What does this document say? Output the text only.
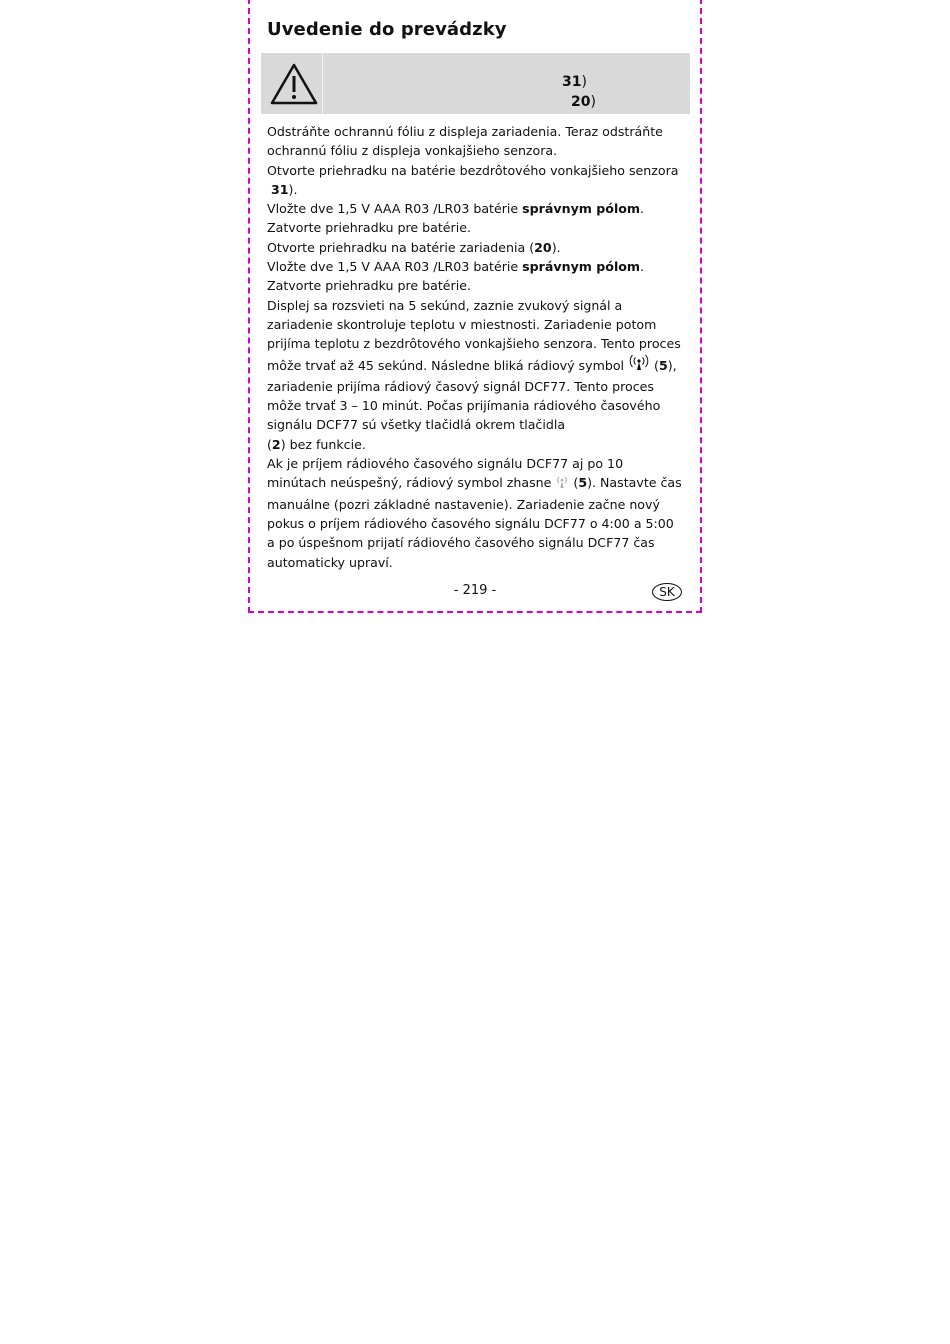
Uvedenie do prevádzky
31)
20)

Odstráňte ochrannú fóliu z displeja zariadenia. Teraz odstráňte ochrannú fóliu z displeja vonkajšieho senzora.

Otvorte priehradku na batérie bezdrôtového vonkajšieho senzora
31).

Vložte dve 1,5 V AAA R03 /LR03 batérie správnym pólom.

Zatvorte priehradku pre batérie.

Otvorte priehradku na batérie zariadenia (20).

Vložte dve 1,5 V AAA R03 /LR03 batérie správnym pólom.

Zatvorte priehradku pre batérie.

Displej sa rozsvieti na 5 sekúnd, zaznie zvukový signál a zariadenie skontroluje teplotu v miestnosti. Zariadenie potom prijíma teplotu z bezdrôtového vonkajšieho senzora. Tento proces môže trvať až 45 sekúnd. Následne bliká rádiový symbol  (5), zariadenie prijíma rádiový časový signál DCF77. Tento proces môže trvať 3 – 10 minút. Počas prijímania rádiového časového signálu DCF77 sú všetky tlačidlá okrem tlačidla
(2) bez funkcie.

Ak je príjem rádiového časového signálu DCF77 aj po 10 minútach neúspešný, rádiový symbol zhasne  (5). Nastavte čas manuálne (pozri základné nastavenie). Zariadenie začne nový pokus o príjem rádiového časového signálu DCF77 o 4:00 a 5:00 a po úspešnom prijatí rádiového časového signálu DCF77 čas automaticky upraví.

- 219 -	SK
